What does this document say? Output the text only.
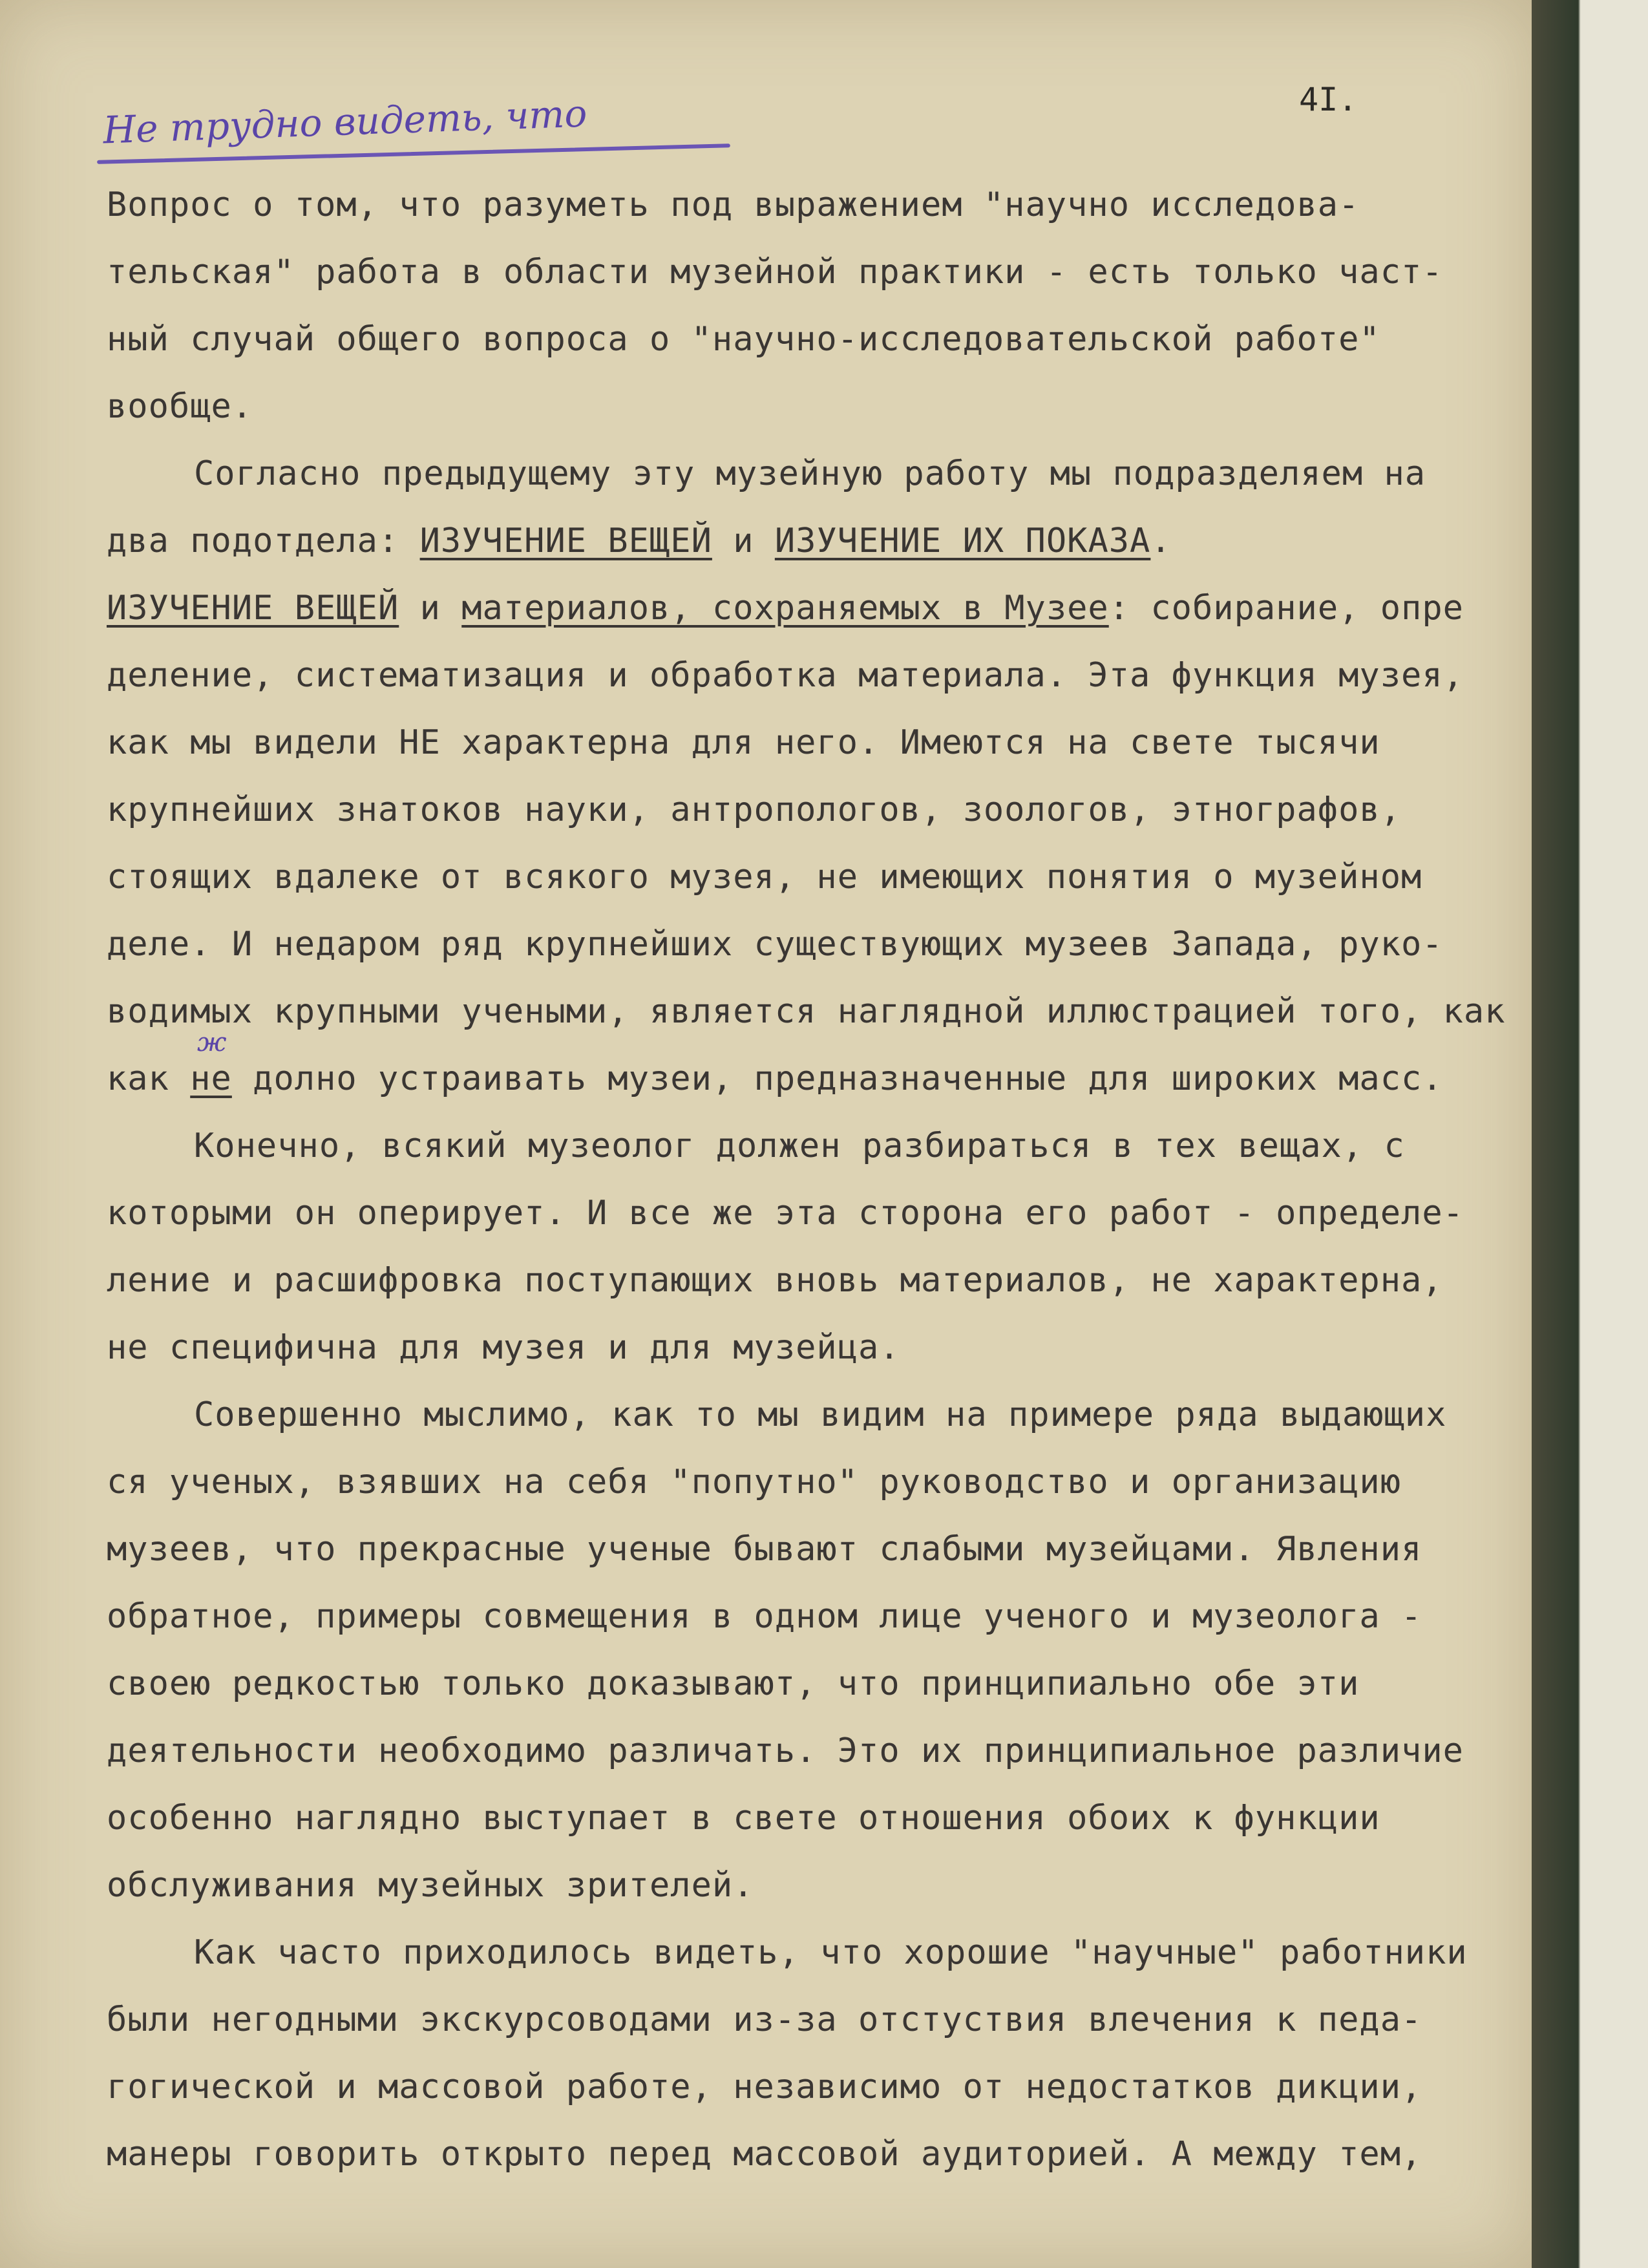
Не трудно видеть, что	4I.
ж
Вопрос о том, что разуметь под выражением "научно исследова-
тельская" работа в области музейной практики - есть только част-
ный случай общего вопроса о "научно-исследовательской работе"
вообще.
Согласно предыдущему эту музейную работу мы подразделяем на
два подотдела: ИЗУЧЕНИЕ ВЕЩЕЙ и ИЗУЧЕНИЕ ИХ ПОКАЗА.
ИЗУЧЕНИЕ ВЕЩЕЙ и материалов, сохраняемых в Музее: собирание, опре
деление, систематизация и обработка материала. Эта функция музея,
как мы видели НЕ характерна для него. Имеются на свете тысячи
крупнейших знатоков науки, антропологов, зоологов, этнографов,
стоящих вдалеке от всякого музея, не имеющих понятия о музейном
деле. И недаром ряд крупнейших существующих музеев Запада, руко-
водимых крупными учеными, является наглядной иллюстрацией того, как
как не долно устраивать музеи, предназначенные для широких масс.
Конечно, всякий музеолог должен разбираться в тех вещах, с
которыми он оперирует. И все же эта сторона его работ - определе-
ление и расшифровка поступающих вновь материалов, не характерна,
не специфична для музея и для музейца.
Совершенно мыслимо, как то мы видим на примере ряда выдающих
ся ученых, взявших на себя "попутно" руководство и организацию
музеев, что прекрасные ученые бывают слабыми музейцами. Явления
обратное, примеры совмещения в одном лице ученого и музеолога -
своею редкостью только доказывают, что принципиально обе эти
деятельности необходимо различать. Это их принципиальное различие
особенно наглядно выступает в свете отношения обоих к функции
обслуживания музейных зрителей.
Как часто приходилось видеть, что хорошие "научные" работники
были негодными экскурсоводами из-за отстуствия влечения к педа-
гогической и массовой работе, независимо от недостатков дикции,
манеры говорить открыто перед массовой аудиторией. А между тем,
